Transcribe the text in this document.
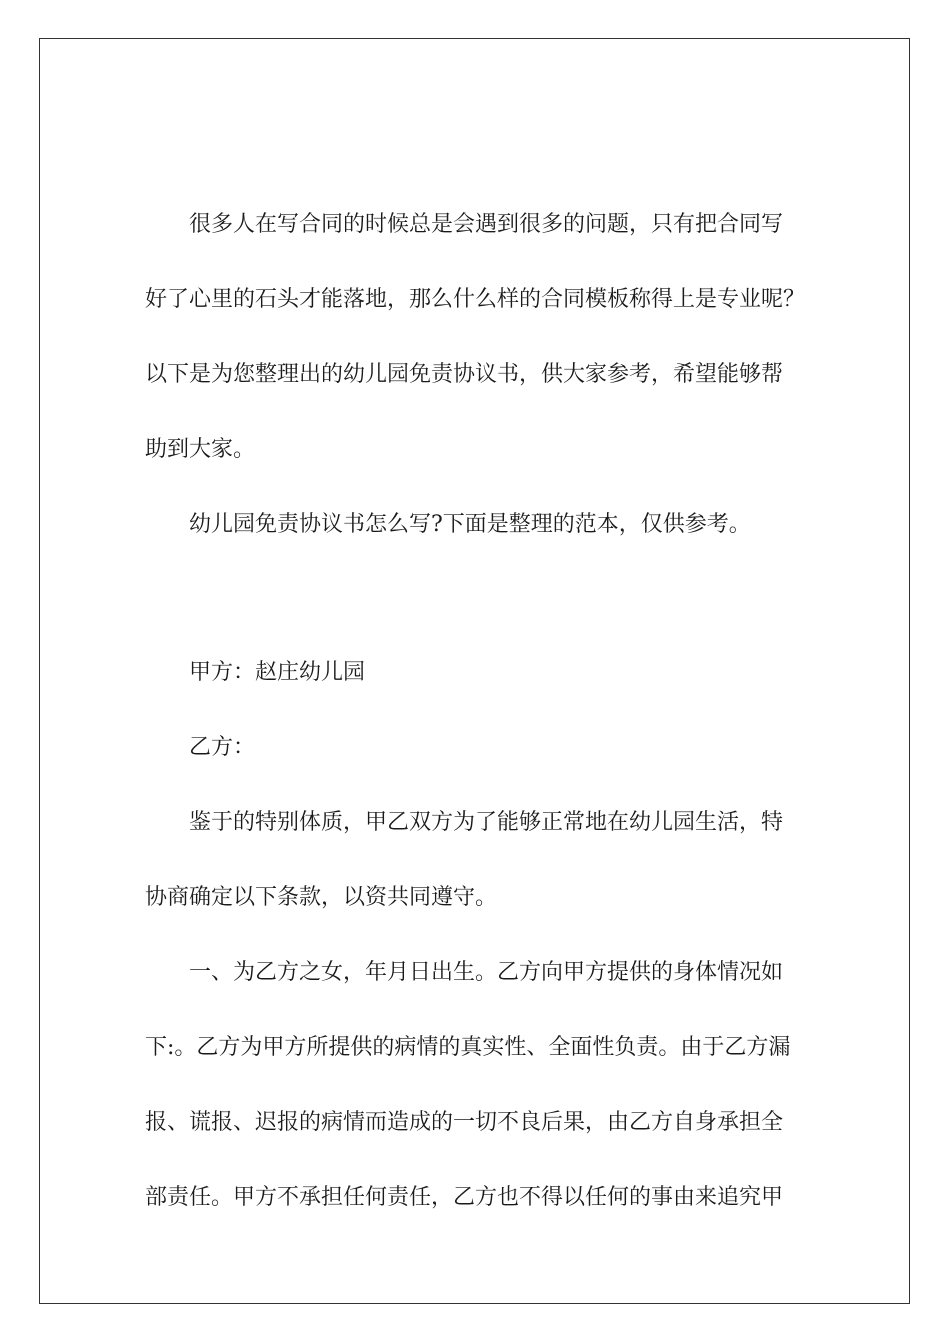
很多人在写合同的时候总是会遇到很多的问题，只有把合同写
好了心里的石头才能落地，那么什么样的合同模板称得上是专业呢？
以下是为您整理出的幼儿园免责协议书，供大家参考，希望能够帮
助到大家。
幼儿园免责协议书怎么写?下面是整理的范本，仅供参考。
甲方：赵庄幼儿园
乙方：
鉴于的特别体质，甲乙双方为了能够正常地在幼儿园生活，特
协商确定以下条款，以资共同遵守。
一、为乙方之女，年月日出生。乙方向甲方提供的身体情况如
下:。乙方为甲方所提供的病情的真实性、全面性负责。由于乙方漏
报、谎报、迟报的病情而造成的一切不良后果，由乙方自身承担全
部责任。甲方不承担任何责任，乙方也不得以任何的事由来追究甲
